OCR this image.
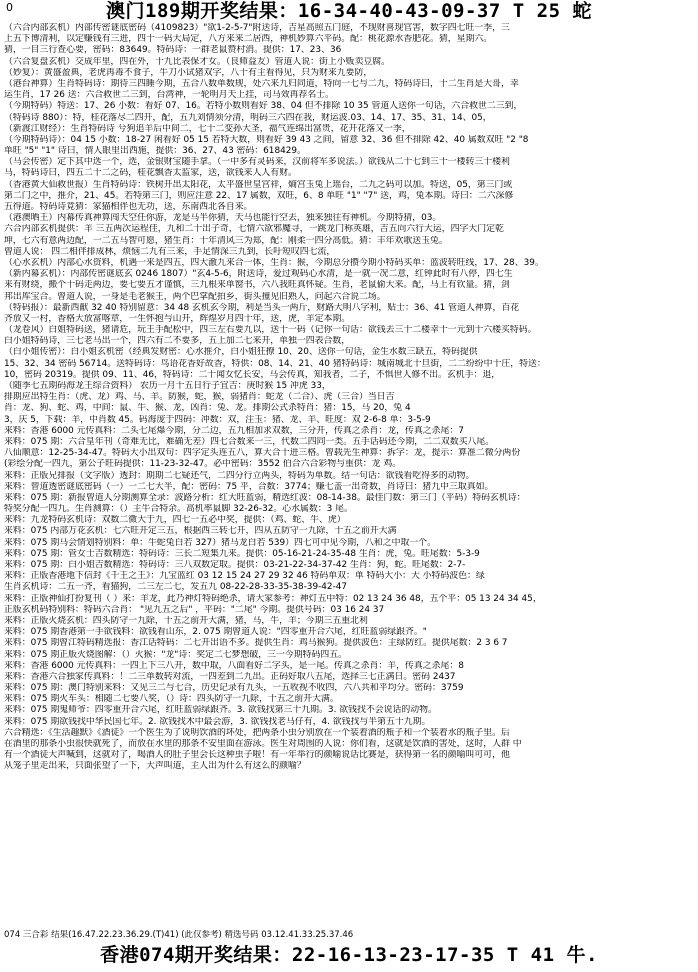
0	澳门189期开奖结果：16-34-40-43-09-37 T 25 蛇
（六合内部玄机）内部传密谜底密码（4109823）"欲1-2-5-7"附送诗，吉星高照五门庭，不现财喜现官害，数字四七旺一季，三
上五下博清利，以定赚钱有三进，四十一码大局定，八方来来二居西，神机妙算六平码。配：桃花源水香肥花。猜，星期六。
猜，一目三行查心要，密码：83649。特码诗：一群老鼠赞村消。提供：17、23、36
（六合复盘玄机）交成年里，四在外，十九比表保才女。（良师益友）管道人说：街上小贩卖豆腐。
（妙复）：黄盛盈典，老虎再毒不食子，牛刀小试猪双字，八十有主看得见，只为财来九要防，
（港台神算）生肖特码诗：期待三四睡今期，五合八数单数规，处六来九归同道，特向一七与二九，特码诗曰，十二生肖是大哥，幸
运生肖，17 26 送：六合救世二三到，台湾神，一轮明月天上挂，司马效再荐名士。
（今期特码）特送：17、26 小数：看好 07、16。若特小数则看好 38、04 但不排除 10 35 管道人送你一句话，六合救世二三到，
（特码诗 880）：特，桂花落尽二四开，配，五九刘情须分清，明码三六四在我，财运波.03、14、17、35、31、14、05，
（新渡江财经）：生肖特码诗 兮狗追羊后中间二，七十二变孙大圣，福气连绵出富贵，花开花落又一季，
（今期特码诗）：04 15 小数：18-27 闲看好 05 15 若特大数，则看好 39 43 之间，留意 32、36 但不排除 42、40 属数双旺 "2 "8
单旺 "5" "1" 诗曰，情人眼里出西施，提供：36、27、43 密码：618429。
（马会传密）定下其中选一个，选，金银财宝随手拿。（一中多有灵码来，汉前将军多说法。）欲钱从二十七到三十一楼转三十楼利
马，特码诗曰，四五二十二之码，桂花飘香太监家，送，欲钱来人人有财。
（香港黄大仙救世报）生肖特码诗：铁树开出太阳花，太平盛世皇宫祥，熵宫玉兔上瑶台，二九之码可以加。特送，05，第三门或
第二门之中，推介，21、45。若特第三门，则应注意 22、17 属数，双旺，6、8 单旺 "1" "7" 送，鸡，兔本期。诗曰：二六深修
五得道。特码诗竟猜：家猫相伴也无功，送，东南西北各自来。
（港澳晒王）内幕传真神算闯天空任你游，龙是马半你猜，天马也能行空去，独来独往有神机。今期特猜，03。
六合内部玄机提供：羊 三五两次运程佳，九和二十出子奇，七情六欲邪魔寻，一跳龙门称英雄，吉五向六行大运，四字大门定乾
坤，七六有意两边配，一二五马智可愿，猪生肖：十年清风三为郑，配：刚柔一四分高低。猜：丰年欢歌送玉兔。
曾道人说： 四二相伴排成林，烦恼二九有三来，手足情深三九到，长吁短叹四七流，
（心水玄机）内部心水资料，机遇一来是四五，四大澈九来合一体，生肖：猴，今期总分攒今期小特码买单：蓝波转旺线，17、28、39。
（新内幕玄机）：内部传密谜底玄 0246 1807）"玄4-5-6，附送诗，爱过观码心水清，是一就一况二意，红钟此时有八停，四七生
来有财绕，搬个十码走两边，要七要五才谨慎，三九根来单窗书，六八我旺真怀疑。生肖，老鼠偷大来。配，马上有钦量。猜，剑
邦出库宝合。曾道人说，一身是毛老猴王，两个巴掌配拍乡，街头撞见旧熟人，问起六合说二场。
（特码报）：最新西献 32 40 特别留意：34 48 玄机玄今期，利是当头一两斤，财路大明八字利，贴士：36、41 管道人神算，百花
齐放又一村，香格大放富喀章，一生怀抱与山开，辉煌岁月四十年，送，虎，羊定本期。
（龙卷风）白姐特码送，猪请危，玩王手配松中，四三左右要九以，送十一码（记你一句话：欲钱去三十二楼幸十一元到十六楼买特码。
白小姐特码诗，三七老马出一个，四六有二不要多，五上加二七来开，单独一四表合数，
（白小姐传密）：白小姐玄机密（经典发财密：心水推介，白小姐狂撩 10、20、送你一句话，金生水数三缺五，特码提供
15、32、34 密码 56714。送特码诗：鸟语花香好故香，特供：08、14、21、40 猪特码诗：城南城北十旦街，二二纷纷中十庄，特送：
10，密码 20319。提供 09、11、46，特码诗：二十闻女忆长安，马会传真，知我者，二子，不惧世人修不出。玄机手：退，
（随季七五期码海龙王综合资料） 农历一月十五日行子宜吉：庚时猴 15 冲虎 33，
排期应出特生肖：（虎、龙）鸡、马、羊。防猴，蛇，猴，弱猪肖：蛇龙（二合）、虎（三合）当日吉
肖：龙、狗、蛇、鸡，中间：鼠、牛、猴、龙，凶肖：兔、龙。排期公式杀特肖：猪：15，马 20，兔 4
3，庆 5，下载：羊，中肖数 45。码海庞于四码：冲数：双，注玉：猪、龙、羊、旺度：双 2-6-8 单：3-5-9
来料：香港 6000 元传真料：二头七尾爆今期，分二边，五九相加求双数，三分开，传真之杀肖：龙，传真之杀尾：7
来料：075 期：六合皇年刊（奇难无比，难确无差）四七合数来一三，代数二四同一类。五手话码还今期，二二双数买八尾。
八仙顺意：12-25-34-47。特码大小出双句：四字定头连五八，算大合十进三格。曾载先生神算：拆字：龙，提示：算准二微分两份
(彩绘分配一四九，第公子旺码提供：11-23-32-47。必中密码：3552 伯合六合彩物与重供：龙 鸡。
来料：正版兄排报（文字版）透封：期期二七疑还气，二四分行立两头，特码为单数。结一句话：欲钱看吃得多的动物。
来料：曾道透密谜底密码（一）一二七大半，配：密码：75 平，合数：3774；赚七盖一出奇数，肖诗曰：猪九中三取真如。
来料：075 期：新报曾道人分期测算全录：波路分析：红大旺蓝弱，精选红波：08-14-38。最佳门数：第三门（平码）特码玄机诗：
特奖分配一四九。生肖测算：（）主牛合特余。高机率鼠脚 32-26-32。心水属数：3 尾。
来料：九龙特码玄机诗：双数二微大于九，四七一五必中奖，提供：（鸡、蛇、牛、虎）
来料：075 内部万花玄机：七六旺开定三五，根据西三转七开，四从五防守一九除，十五之前开大满
来料：075 期马会情划特别料：单：牛蛇兔白若 327）猪马龙白若 539）四七可中见今期，八和之中取一个。
来料：075 期：管女士吉数精选：特码诗：三长二短集九来。提供：05-16-21-24-35-48 生肖：虎，兔。旺尾数：5-3-9
来料：075 期：白小姐吉数精选：特码诗：三八双数定取。提供：03-21-22-34-37-42 生肖：狗，蛇。旺尾数：2-7-
来料：正版香港地下信封《千王之王》：九宝蓝红 03 12 15 24 27 29 32 46 特码单双：单 特码大小：大 小特码波色：绿
生肖玄机诗：二五一齐，看猫狗，二三左二七，发五九 08-22-28-33-35-38-39-42-47
来料：正版神仙打扮复刊（ ）来：羊龙，此乃神灯特码绝杀，请大家参考：神灯五中特：02 13 24 36 48，五个平：05 13 24 34 45，
正版玄机码特别料：特码六合肖： "见九五之后" ，平码："二尾" 今期。提供号码：03 16 24 37
来料：正版火烧玄机：四头防守一九除，十五之前开大满，猪，马，牛，羊；今期三五重北利
来料：075 期香港第一手欲钱料：欲钱看山东，2. 075 期曾道人说："四零重开合六尾，红旺蓝弱绿跟齐。"
来料：075 期曾江特码精选报：香江话特码：二七开出语不多。提供生肖：鸡马猴狗。提供波色：主绿防红。提供尾数：2 3 6 7
来料：075 期正版火烧图解：（）火猴："龙"诗：奖定二七梦想破，三一今期特码四五。
来料：香港 6000 元传真料：一四上下三八开，数中取，八面看好二字头，是一尾。传真之杀肖：羊，传真之杀尾：8
来料：香港六合独家传真料：！二三单数转对流，一四差到二九出。正码好取八五尾，选择三七正满日。密码 2437
来料：075 期：澳门特别来料：又见三二与七合，历史记录有九头，一五收视不收四，六八共和平均分。密码：3759
来料：075 期火车头：相随二七要八奖，（）诗：四头防守一九除，十五之前开大满。
来料：075 期鬼师爷：四零重开合六尾，红旺蓝弱绿跟齐。3. 欲钱找第三十九期。3. 欲钱找不会说话的动物。
来料：075 期欲钱找中华民国七年。2. 欲钱找木中最会游，3. 欲钱找老马仔有，4. 欲钱找与半第五十九期。
六合精选：《生活趣默》《酒徒》一个医生为了说明饮酒的坏处，把两条小虫分别放在一个装着酒的瓶子和一个装着水的瓶子里。后
在酒里的那条小虫很快就死了，而放在水里的那条不安里面在游泳。医生对周围的人说：你们看，这就是饮酒的害处，这时，人群 中
有一个酒徒大声喊到，这就对了，喝酒人的肚子里会长这种虫子啦！有一年举行的颜喻说话比赛是，获得第一名的颜喻叫可可，他
从笼子里走出来，只面张望了一下，大声叫道，主人出为什么有这么的颜喻？
074 三合彩 结果(16.47.22.23.36.29.(T)41) (此仅参考) 精选号码 03.12.41.33.25.37.46
香港074期开奖结果：22-16-13-23-17-35 T 41 牛.
